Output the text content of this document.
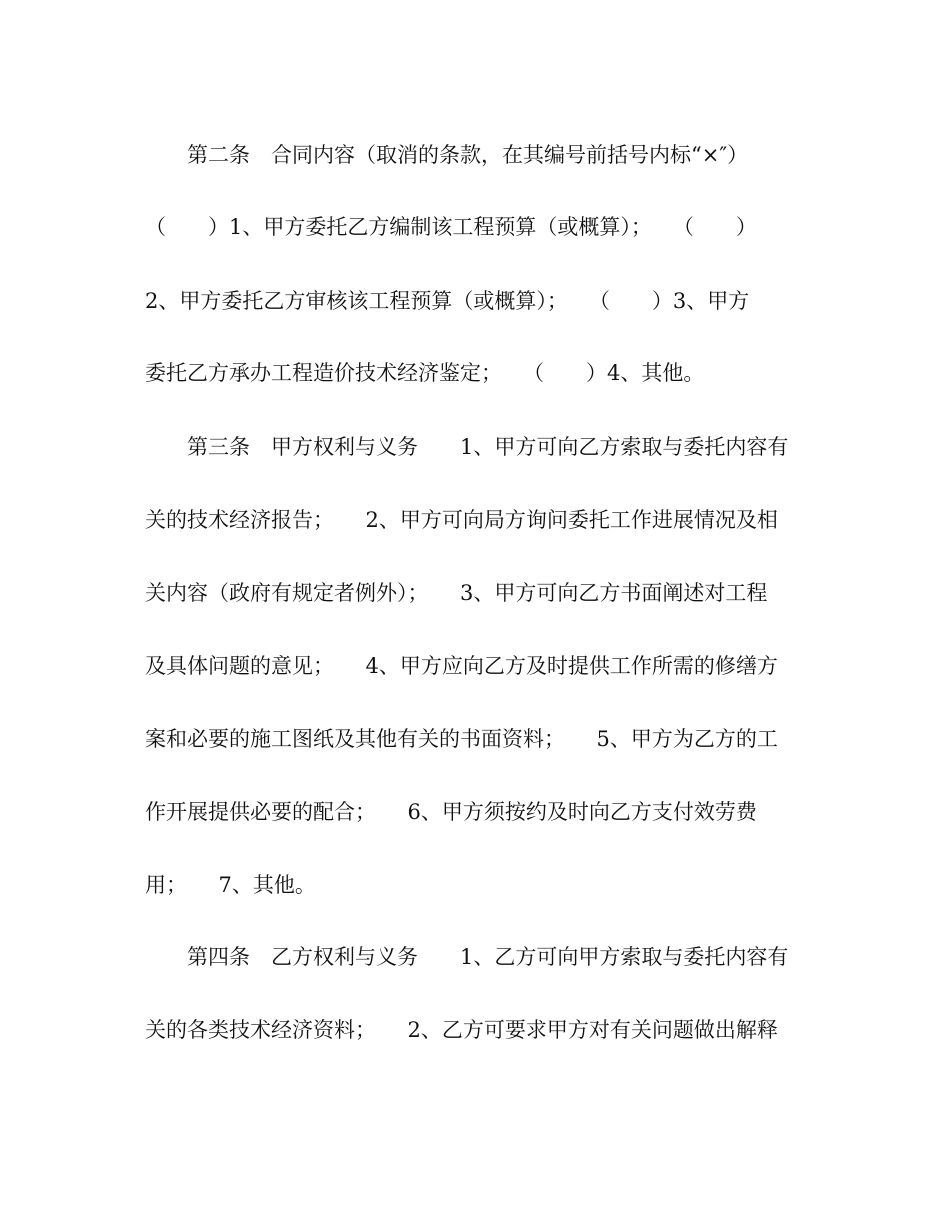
第二条　合同内容（取消的条款，在其编号前括号内标“×″）
（　　）1、甲方委托乙方编制该工程预算（或概算）；　　（　　）
2、甲方委托乙方审核该工程预算（或概算）；　　（　　）3、甲方
委托乙方承办工程造价技术经济鉴定；　　（　　）4、其他。
第三条　甲方权利与义务　　1、甲方可向乙方索取与委托内容有
关的技术经济报告；　　2、甲方可向局方询问委托工作进展情况及相
关内容（政府有规定者例外）；　　3、甲方可向乙方书面阐述对工程
及具体问题的意见；　　4、甲方应向乙方及时提供工作所需的修缮方
案和必要的施工图纸及其他有关的书面资料；　　5、甲方为乙方的工
作开展提供必要的配合；　　6、甲方须按约及时向乙方支付效劳费
用；　　7、其他。
第四条　乙方权利与义务　　1、乙方可向甲方索取与委托内容有
关的各类技术经济资料；　　2、乙方可要求甲方对有关问题做出解释
